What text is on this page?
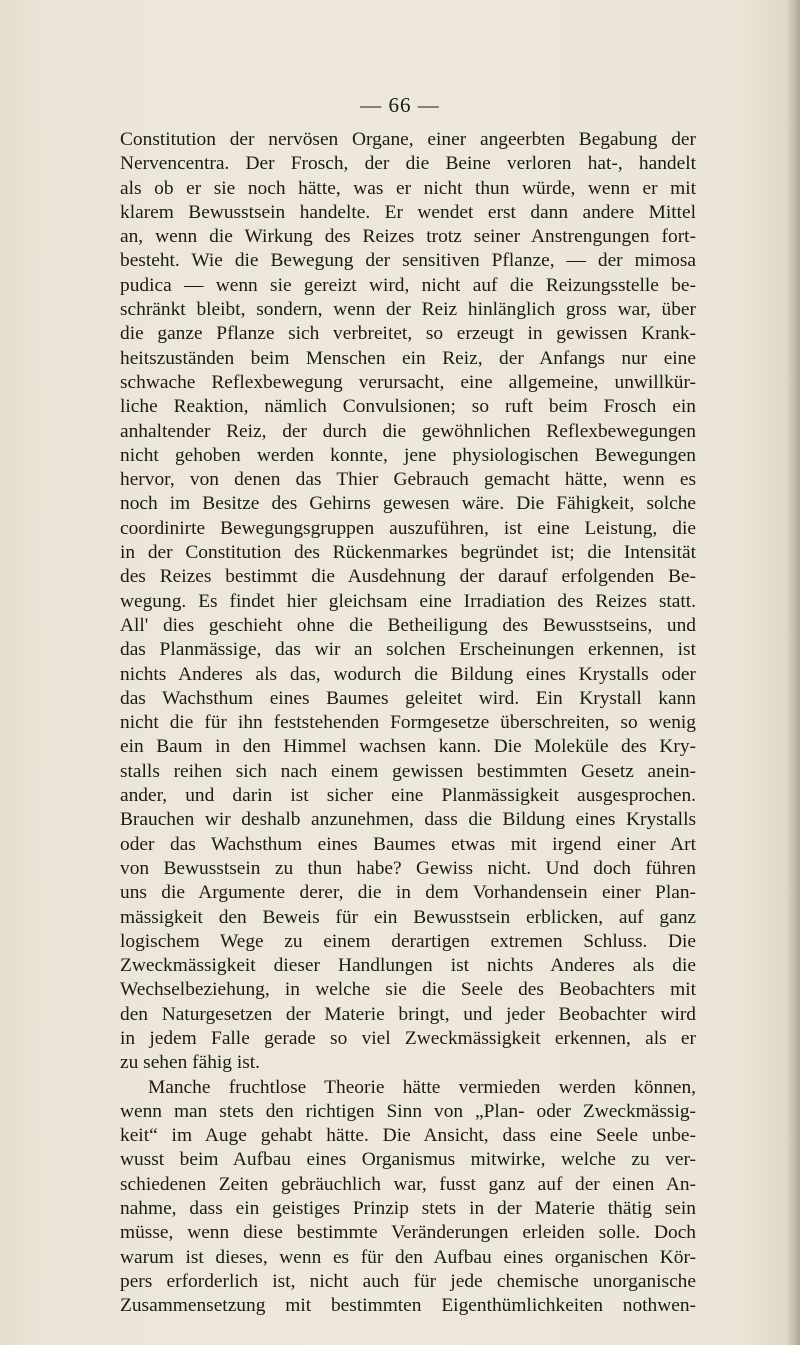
— 66 —
Constitution der nervösen Organe, einer angeerbten Begabung der
Nervencentra. Der Frosch, der die Beine verloren hat-, handelt
als ob er sie noch hätte, was er nicht thun würde, wenn er mit
klarem Bewusstsein handelte. Er wendet erst dann andere Mittel
an, wenn die Wirkung des Reizes trotz seiner Anstrengungen fort-
besteht. Wie die Bewegung der sensitiven Pflanze, — der mimosa
pudica — wenn sie gereizt wird, nicht auf die Reizungsstelle be-
schränkt bleibt, sondern, wenn der Reiz hinlänglich gross war, über
die ganze Pflanze sich verbreitet, so erzeugt in gewissen Krank-
heitszuständen beim Menschen ein Reiz, der Anfangs nur eine
schwache Reflexbewegung verursacht, eine allgemeine, unwillkür-
liche Reaktion, nämlich Convulsionen; so ruft beim Frosch ein
anhaltender Reiz, der durch die gewöhnlichen Reflexbewegungen
nicht gehoben werden konnte, jene physiologischen Bewegungen
hervor, von denen das Thier Gebrauch gemacht hätte, wenn es
noch im Besitze des Gehirns gewesen wäre. Die Fähigkeit, solche
coordinirte Bewegungsgruppen auszuführen, ist eine Leistung, die
in der Constitution des Rückenmarkes begründet ist; die Intensität
des Reizes bestimmt die Ausdehnung der darauf erfolgenden Be-
wegung. Es findet hier gleichsam eine Irradiation des Reizes statt.
All' dies geschieht ohne die Betheiligung des Bewusstseins, und
das Planmässige, das wir an solchen Erscheinungen erkennen, ist
nichts Anderes als das, wodurch die Bildung eines Krystalls oder
das Wachsthum eines Baumes geleitet wird. Ein Krystall kann
nicht die für ihn feststehenden Formgesetze überschreiten, so wenig
ein Baum in den Himmel wachsen kann. Die Moleküle des Kry-
stalls reihen sich nach einem gewissen bestimmten Gesetz anein-
ander, und darin ist sicher eine Planmässigkeit ausgesprochen.
Brauchen wir deshalb anzunehmen, dass die Bildung eines Krystalls
oder das Wachsthum eines Baumes etwas mit irgend einer Art
von Bewusstsein zu thun habe? Gewiss nicht. Und doch führen
uns die Argumente derer, die in dem Vorhandensein einer Plan-
mässigkeit den Beweis für ein Bewusstsein erblicken, auf ganz
logischem Wege zu einem derartigen extremen Schluss. Die
Zweckmässigkeit dieser Handlungen ist nichts Anderes als die
Wechselbeziehung, in welche sie die Seele des Beobachters mit
den Naturgesetzen der Materie bringt, und jeder Beobachter wird
in jedem Falle gerade so viel Zweckmässigkeit erkennen, als er
zu sehen fähig ist.
Manche fruchtlose Theorie hätte vermieden werden können,
wenn man stets den richtigen Sinn von „Plan- oder Zweckmässig-
keit“ im Auge gehabt hätte. Die Ansicht, dass eine Seele unbe-
wusst beim Aufbau eines Organismus mitwirke, welche zu ver-
schiedenen Zeiten gebräuchlich war, fusst ganz auf der einen An-
nahme, dass ein geistiges Prinzip stets in der Materie thätig sein
müsse, wenn diese bestimmte Veränderungen erleiden solle. Doch
warum ist dieses, wenn es für den Aufbau eines organischen Kör-
pers erforderlich ist, nicht auch für jede chemische unorganische
Zusammensetzung mit bestimmten Eigenthümlichkeiten nothwen-
